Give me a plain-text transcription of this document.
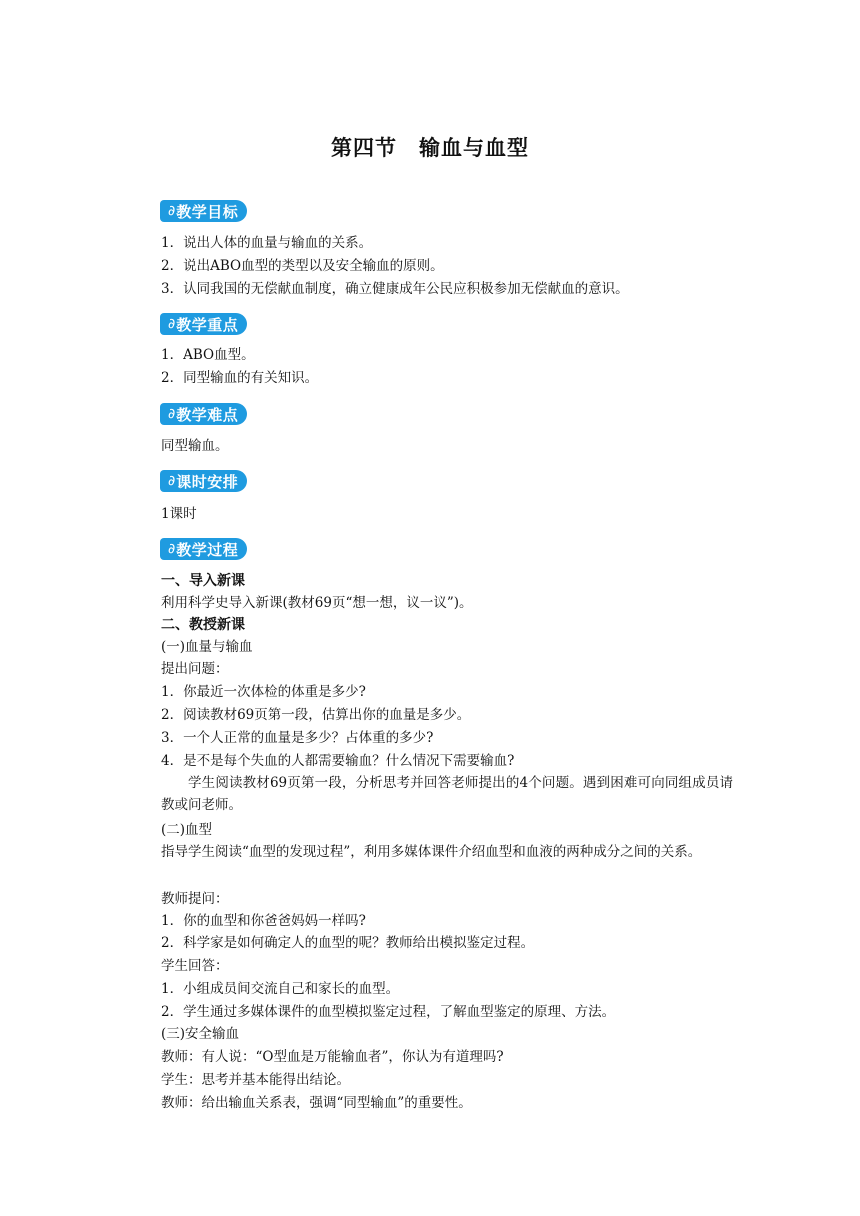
第四节　输血与血型
∂ 教学目标
1．说出人体的血量与输血的关系。
2．说出ABO血型的类型以及安全输血的原则。
3．认同我国的无偿献血制度，确立健康成年公民应积极参加无偿献血的意识。
∂ 教学重点
1．ABO血型。
2．同型输血的有关知识。
∂ 教学难点
同型输血。
∂ 课时安排
1课时
∂ 教学过程
一、导入新课
利用科学史导入新课(教材69页“想一想，议一议”)。
二、教授新课
(一)血量与输血
提出问题：
1．你最近一次体检的体重是多少?
2．阅读教材69页第一段，估算出你的血量是多少。
3．一个人正常的血量是多少？占体重的多少?
4．是不是每个失血的人都需要输血？什么情况下需要输血?
学生阅读教材69页第一段，分析思考并回答老师提出的4个问题。遇到困难可向同组成员请教或问老师。
(二)血型
指导学生阅读“血型的发现过程”，利用多媒体课件介绍血型和血液的两种成分之间的关系。
教师提问：
1．你的血型和你爸爸妈妈一样吗?
2．科学家是如何确定人的血型的呢？教师给出模拟鉴定过程。
学生回答：
1．小组成员间交流自己和家长的血型。
2．学生通过多媒体课件的血型模拟鉴定过程，了解血型鉴定的原理、方法。
(三)安全输血
教师：有人说：“O型血是万能输血者”，你认为有道理吗?
学生：思考并基本能得出结论。
教师：给出输血关系表，强调“同型输血”的重要性。
